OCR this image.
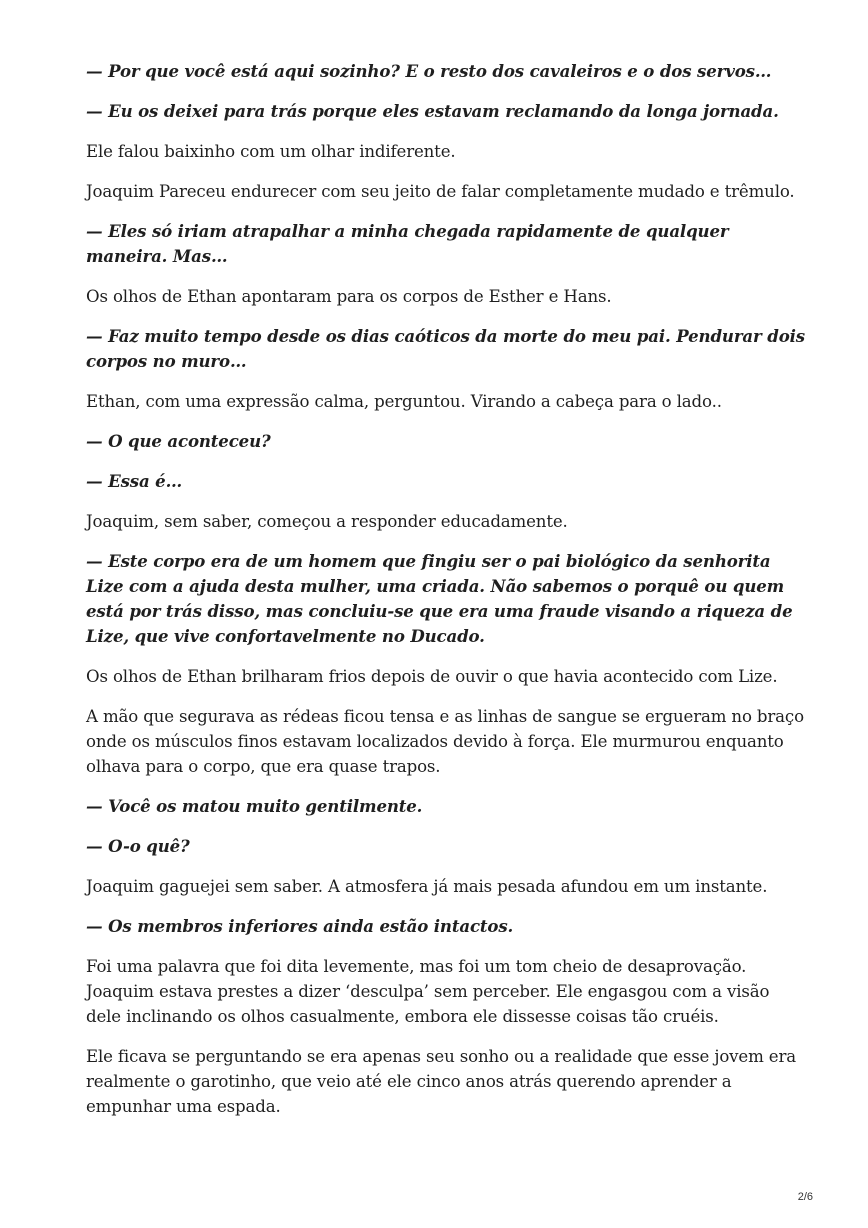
— Por que você está aqui sozinho? E o resto dos cavaleiros e o dos servos…

— Eu os deixei para trás porque eles estavam reclamando da longa jornada.

Ele falou baixinho com um olhar indiferente.

Joaquim Pareceu endurecer com seu jeito de falar completamente mudado e trêmulo.

— Eles só iriam atrapalhar a minha chegada rapidamente de qualquer maneira. Mas…

Os olhos de Ethan apontaram para os corpos de Esther e Hans.

— Faz muito tempo desde os dias caóticos da morte do meu pai. Pendurar dois corpos no muro…

Ethan, com uma expressão calma, perguntou. Virando a cabeça para o lado..

— O que aconteceu?

— Essa é…

Joaquim, sem saber, começou a responder educadamente.

— Este corpo era de um homem que fingiu ser o pai biológico da senhorita Lize com a ajuda desta mulher, uma criada. Não sabemos o porquê ou quem está por trás disso, mas concluiu-se que era uma fraude visando a riqueza de Lize, que vive confortavelmente no Ducado.

Os olhos de Ethan brilharam frios depois de ouvir o que havia acontecido com Lize.

A mão que segurava as rédeas ficou tensa e as linhas de sangue se ergueram no braço onde os músculos finos estavam localizados devido à força. Ele murmurou enquanto olhava para o corpo, que era quase trapos.

— Você os matou muito gentilmente.

— O-o quê?

Joaquim gaguejei sem saber. A atmosfera já mais pesada afundou em um instante.

— Os membros inferiores ainda estão intactos.

Foi uma palavra que foi dita levemente, mas foi um tom cheio de desaprovação. Joaquim estava prestes a dizer ‘desculpa’ sem perceber. Ele engasgou com a visão dele inclinando os olhos casualmente, embora ele dissesse coisas tão cruéis.

Ele ficava se perguntando se era apenas seu sonho ou a realidade que esse jovem era realmente o garotinho, que veio até ele cinco anos atrás querendo aprender a empunhar uma espada.

2/6
